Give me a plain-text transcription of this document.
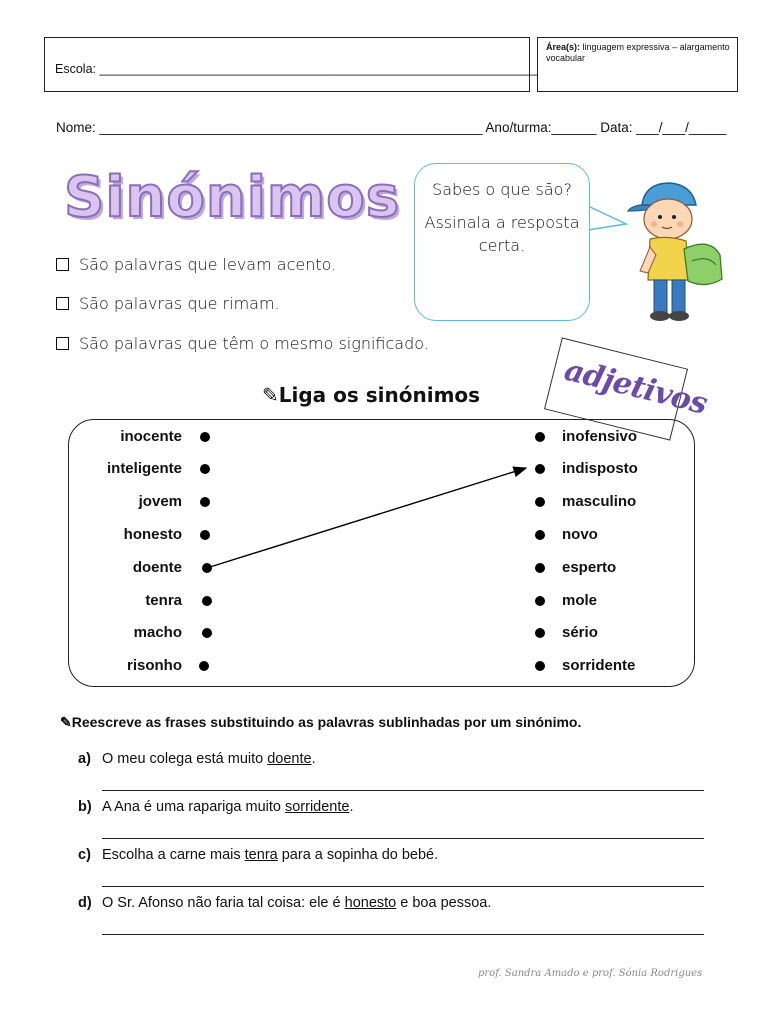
Escola: _______________________________________________________________
Área(s): linguagem expressiva – alargamento vocabular
Nome: ___________________________________________________ Ano/turma:______ Data: ___/___/_____
Sinónimos
São palavras que levam acento.
São palavras que rimam.
São palavras que têm o mesmo significado.

Sabes o que são?

Assinala a resposta certa.

✎Liga os sinónimos	adjetivos
inocente
inteligente
jovem
honesto
doente
tenra
macho
risonho
inofensivo
indisposto
masculino
novo
esperto
mole
sério
sorridente
✎Reescreve as frases substituindo as palavras sublinhadas por um sinónimo.
a) O meu colega está muito doente.
b) A Ana é uma rapariga muito sorridente.
c) Escolha a carne mais tenra para a sopinha do bebé.
d) O Sr. Afonso não faria tal coisa: ele é honesto e boa pessoa.
prof. Sandra Amado e prof. Sónia Rodrigues
